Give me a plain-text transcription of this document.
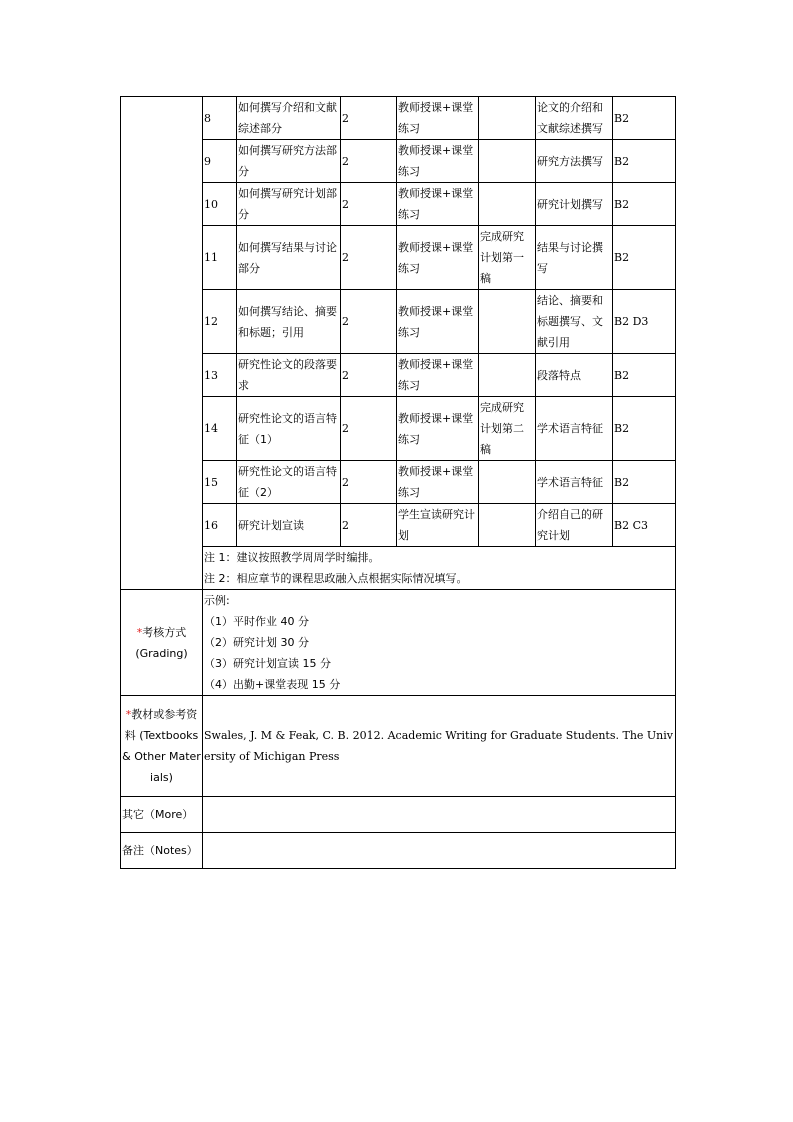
	8	如何撰写介绍和文献综述部分	2	教师授课+课堂练习		论文的介绍和文献综述撰写	B2
	9	如何撰写研究方法部分	2	教师授课+课堂练习		研究方法撰写	B2
	10	如何撰写研究计划部分	2	教师授课+课堂练习		研究计划撰写	B2
	11	如何撰写结果与讨论部分	2	教师授课+课堂练习	完成研究计划第一稿	结果与讨论撰写	B2
	12	如何撰写结论、摘要和标题；引用	2	教师授课+课堂练习		结论、摘要和标题撰写、文献引用	B2 D3
	13	研究性论文的段落要求	2	教师授课+课堂练习		段落特点	B2
	14	研究性论文的语言特征（1）	2	教师授课+课堂练习	完成研究计划第二稿	学术语言特征	B2
	15	研究性论文的语言特征（2）	2	教师授课+课堂练习		学术语言特征	B2
	16	研究计划宣读	2	学生宣读研究计划		介绍自己的研究计划	B2 C3

	注 1：建议按照教学周周学时编排。
注 2：相应章节的课程思政融入点根据实际情况填写。						

*考核方式
(Grading)	示例:
（1）平时作业 40 分
（2）研究计划 30 分
（3）研究计划宣读 15 分
（4）出勤+课堂表现 15 分						

*教材或参考资料 (Textbooks & Other Materials)	Swales, J. M & Feak, C. B. 2012. Academic Writing for Graduate Students. The University of Michigan Press						
其它（More）							
备注（Notes）							
